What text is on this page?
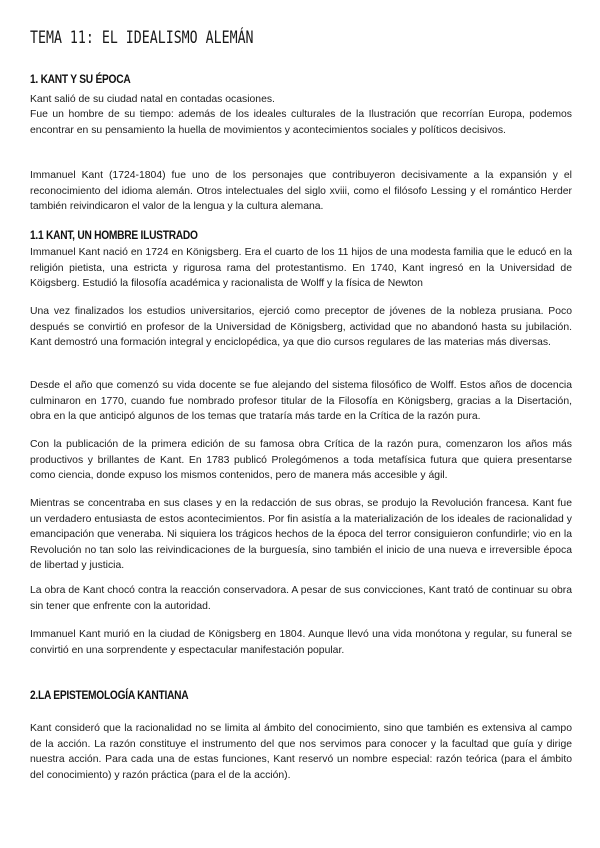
TEMA 11: EL IDEALISMO ALEMÁN
1. KANT Y SU ÉPOCA

Kant salió de su ciudad natal en contadas ocasiones.

Fue un hombre de su tiempo: además de los ideales culturales de la Ilustración que recorrían Europa, podemos encontrar en su pensamiento la huella de movimientos y acontecimientos sociales y políticos decisivos.

Immanuel Kant (1724-1804) fue uno de los personajes que contribuyeron decisivamente a la expansión y el reconocimiento del idioma alemán. Otros intelectuales del siglo xviii, como el filósofo Lessing y el romántico Herder también reivindicaron el valor de la lengua y la cultura alemana.

1.1 KANT, UN HOMBRE ILUSTRADO

Immanuel Kant nació en 1724 en Königsberg. Era el cuarto de los 11 hijos de una modesta familia que le educó en la religión pietista, una estricta y rigurosa rama del protestantismo. En 1740, Kant ingresó en la Universidad de Köigsberg. Estudió la filosofía académica y racionalista de Wolff y la física de Newton

Una vez finalizados los estudios universitarios, ejerció como preceptor de jóvenes de la nobleza prusiana. Poco después se convirtió en profesor de la Universidad de Königsberg, actividad que no abandonó hasta su jubilación. Kant demostró una formación integral y enciclopédica, ya que dio cursos regulares de las materias más diversas.

Desde el año que comenzó su vida docente se fue alejando del sistema filosófico de Wolff. Estos años de docencia culminaron en 1770, cuando fue nombrado profesor titular de la Filosofía en Königsberg, gracias a la Disertación, obra en la que anticipó algunos de los temas que trataría más tarde en la Crítica de la razón pura.

Con la publicación de la primera edición de su famosa obra Crítica de la razón pura, comenzaron los años más productivos y brillantes de Kant. En 1783 publicó Prolegómenos a toda metafísica futura que quiera presentarse como ciencia, donde expuso los mismos contenidos, pero de manera más accesible y ágil.

Mientras se concentraba en sus clases y en la redacción de sus obras, se produjo la Revolución francesa. Kant fue un verdadero entusiasta de estos acontecimientos. Por fin asistía a la materialización de los ideales de racionalidad y emancipación que veneraba. Ni siquiera los trágicos hechos de la época del terror consiguieron confundirle; vio en la Revolución no tan solo las reivindicaciones de la burguesía, sino también el inicio de una nueva e irreversible época de libertad y justicia.

La obra de Kant chocó contra la reacción conservadora. A pesar de sus convicciones, Kant trató de continuar su obra sin tener que enfrente con la autoridad.

Immanuel Kant murió en la ciudad de Königsberg en 1804. Aunque llevó una vida monótona y regular, su funeral se convirtió en una sorprendente y espectacular manifestación popular.

2.LA EPISTEMOLOGÍA KANTIANA

Kant consideró que la racionalidad no se limita al ámbito del conocimiento, sino que también es extensiva al campo de la acción. La razón constituye el instrumento del que nos servimos para conocer y la facultad que guía y dirige nuestra acción. Para cada una de estas funciones, Kant reservó un nombre especial: razón teórica (para el ámbito del conocimiento) y razón práctica (para el de la acción).
